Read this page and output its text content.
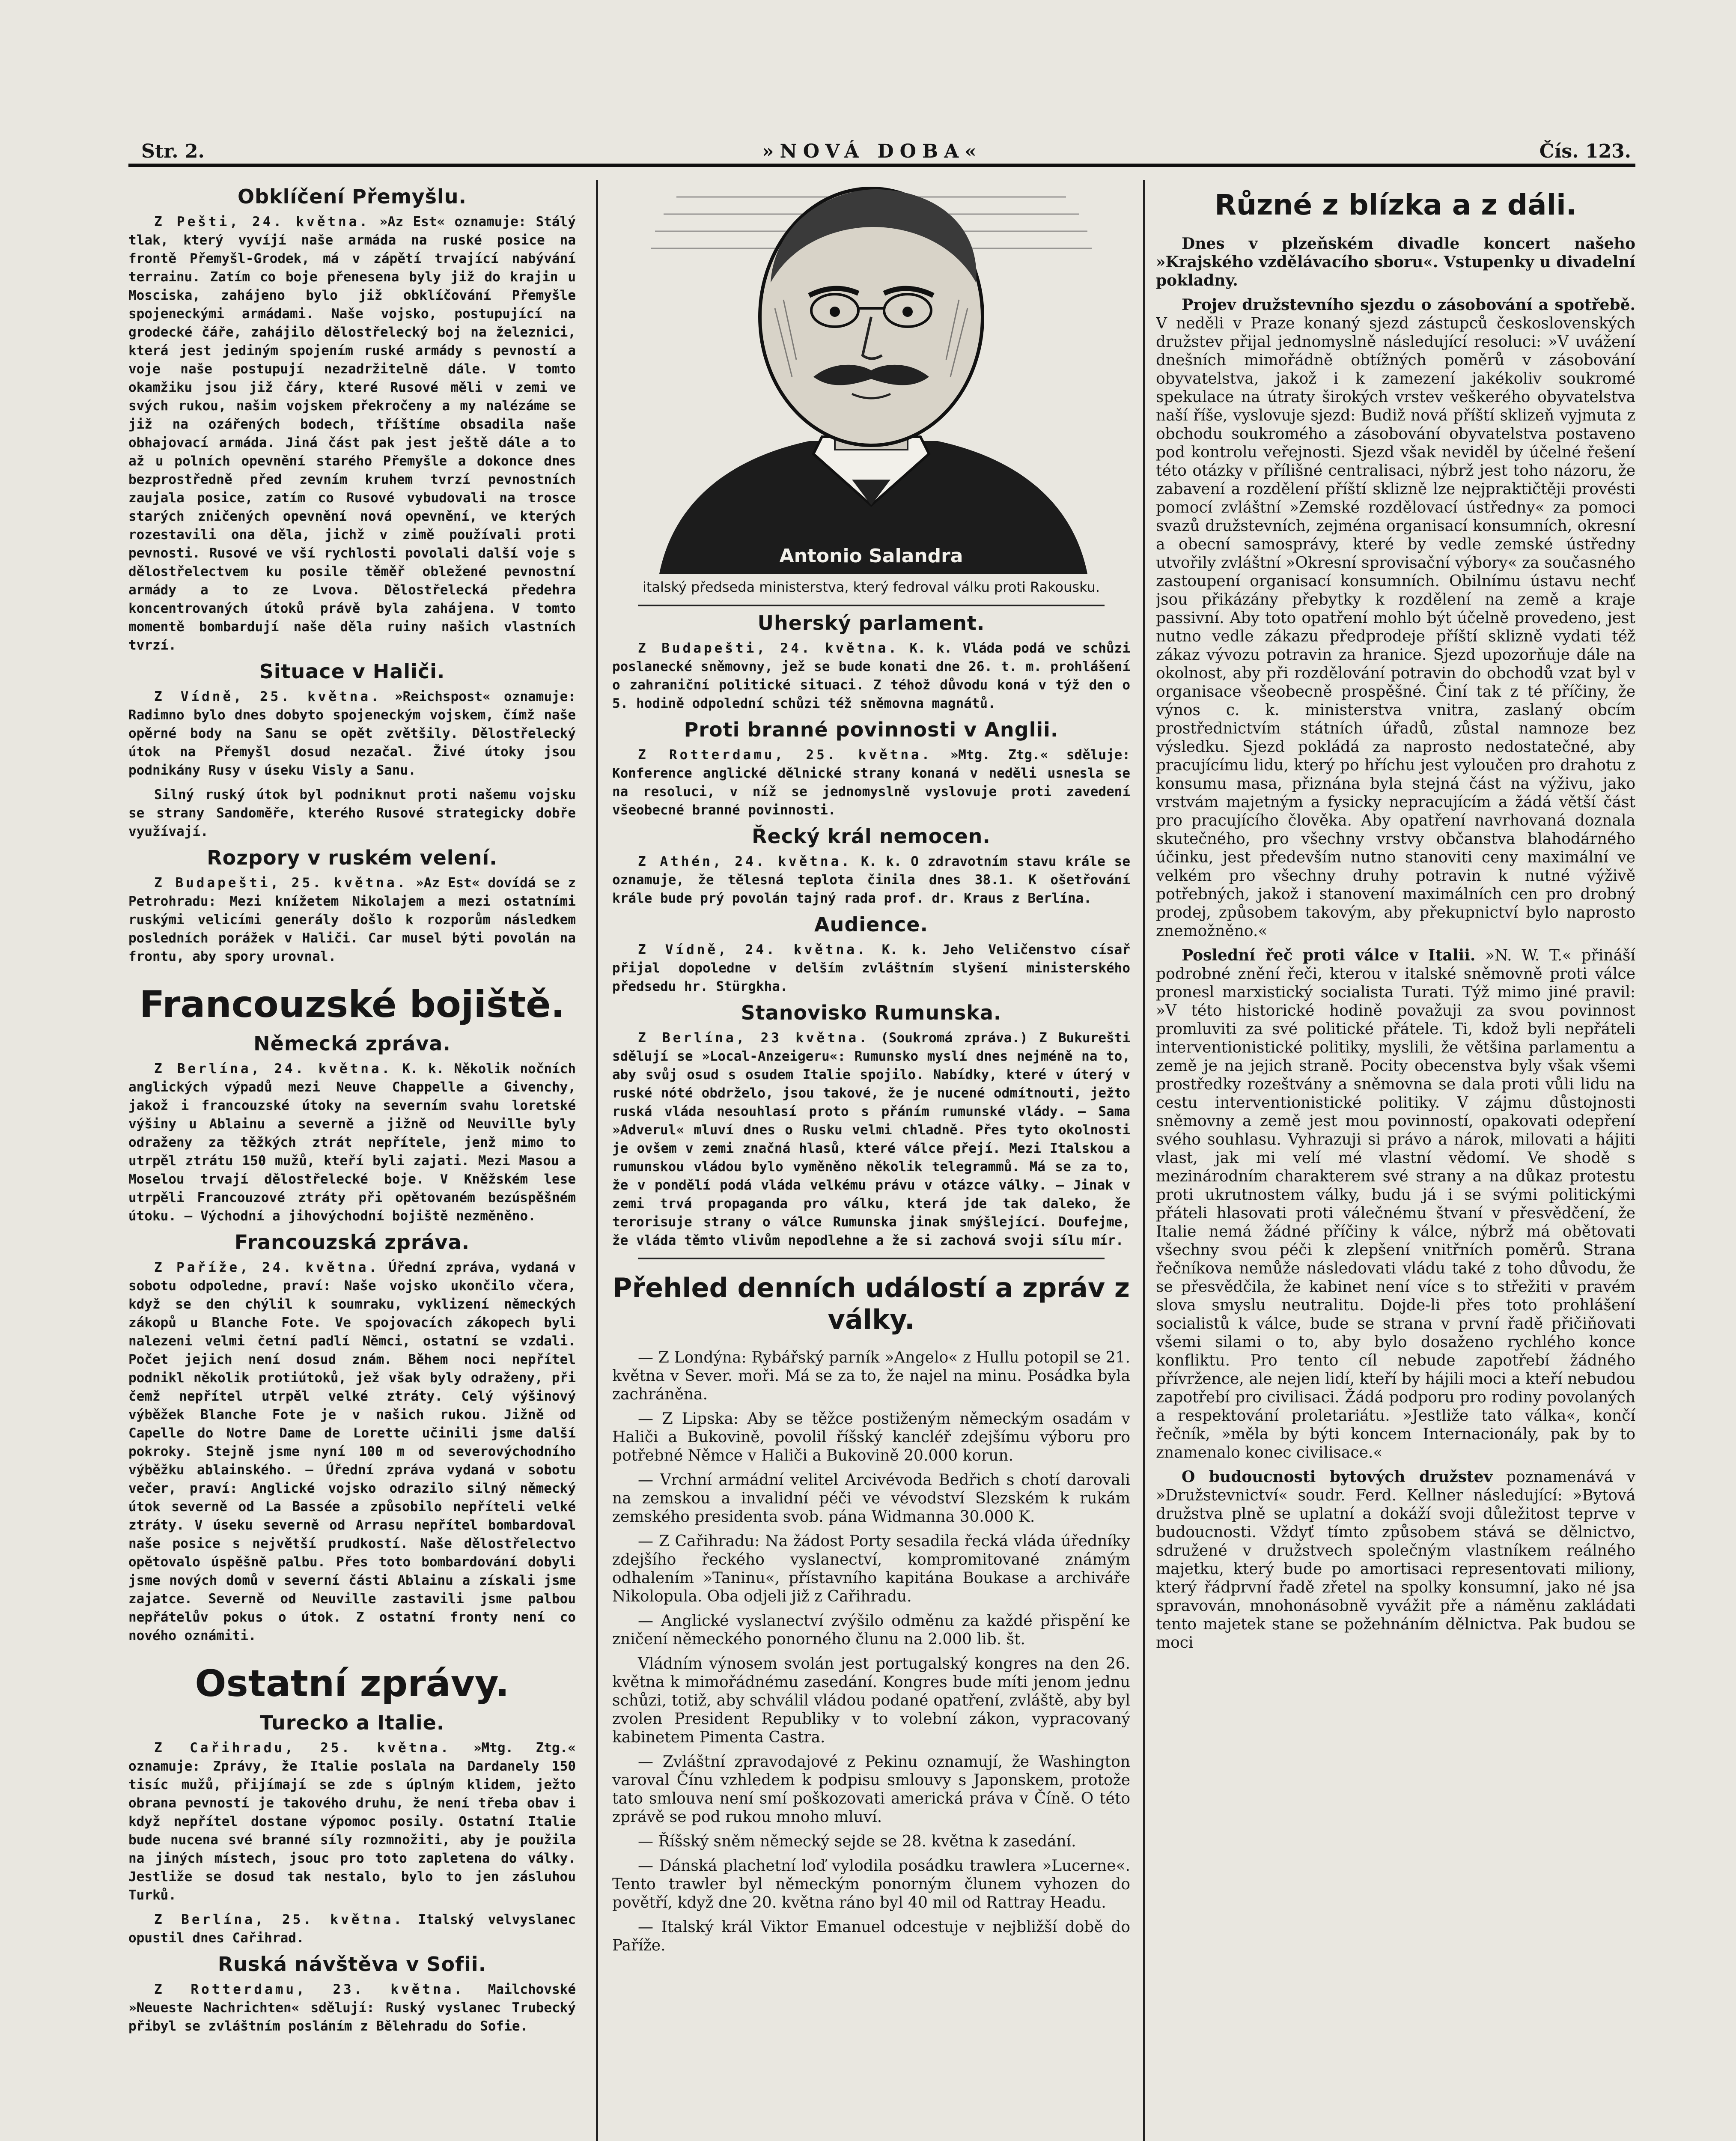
Str. 2.	»NOVÁ DOBA«	Čís. 123.
Obklíčení Přemyšlu.

Z Pešti, 24. května. »Az Est« oznamuje: Stálý tlak, který vyvíjí naše armáda na ruské posice na frontě Přemyšl-Grodek, má v zápětí trvající nabývání terrainu. Zatím co boje přenesena byly již do krajin u Mosciska, zahájeno bylo již obklíčování Přemyšle spojeneckými armádami. Naše vojsko, postupující na grodecké čáře, zahájilo dělostřelecký boj na železnici, která jest jediným spojením ruské armády s pevností a voje naše postupují nezadržitelně dále. V tomto okamžiku jsou již čáry, které Rusové měli v zemi ve svých rukou, našim vojskem překročeny a my nalézáme se již na ozářených bodech, tříštíme obsadila naše obhajovací armáda. Jiná část pak jest ještě dále a to až u polních opevnění starého Přemyšle a dokonce dnes bezprostředně před zevním kruhem tvrzí pevnostních zaujala posice, zatím co Rusové vybudovali na trosce starých zničených opevnění nová opevnění, ve kterých rozestavili ona děla, jichž v zimě používali proti pevnosti. Rusové ve vší rychlosti povolali další voje s dělostřelectvem ku posile těměř obležené pevnostní armády a to ze Lvova. Dělostřelecká předehra koncentrovaných útoků právě byla zahájena. V tomto momentě bombardují naše děla ruiny našich vlastních tvrzí.

Situace v Haliči.

Z Vídně, 25. května. »Reichspost« oznamuje: Radimno bylo dnes dobyto spojeneckým vojskem, čímž naše opěrné body na Sanu se opět zvětšily. Dělostřelecký útok na Přemyšl dosud nezačal. Živé útoky jsou podnikány Rusy v úseku Visly a Sanu.

Silný ruský útok byl podniknut proti našemu vojsku se strany Sandoměře, kterého Rusové strategicky dobře využívají.

Rozpory v ruském velení.

Z Budapešti, 25. května. »Az Est« dovídá se z Petrohradu: Mezi knížetem Nikolajem a mezi ostatními ruskými velicími generály došlo k rozporům následkem posledních porážek v Haliči. Car musel býti povolán na frontu, aby spory urovnal.

Francouzské bojiště.
Německá zpráva.

Z Berlína, 24. května. K. k. Několik nočních anglických výpadů mezi Neuve Chappelle a Givenchy, jakož i francouzské útoky na severním svahu loretské výšiny u Ablainu a severně a jižně od Neuville byly odraženy za těžkých ztrát nepřítele, jenž mimo to utrpěl ztrátu 150 mužů, kteří byli zajati. Mezi Masou a Moselou trvají dělostřelecké boje. V Kněžském lese utrpěli Francouzové ztráty při opětovaném bezúspěšném útoku. — Východní a jihovýchodní bojiště nezměněno.

Francouzská zpráva.

Z Paříže, 24. května. Úřední zpráva, vydaná v sobotu odpoledne, praví: Naše vojsko ukončilo včera, když se den chýlil k soumraku, vyklizení německých zákopů u Blanche Fote. Ve spojovacích zákopech byli nalezeni velmi četní padlí Němci, ostatní se vzdali. Počet jejich není dosud znám. Během noci nepřítel podnikl několik protiútoků, jež však byly odraženy, při čemž nepřítel utrpěl velké ztráty. Celý výšinový výběžek Blanche Fote je v našich rukou. Jižně od Capelle do Notre Dame de Lorette učinili jsme další pokroky. Stejně jsme nyní 100 m od severovýchodního výběžku ablainského. — Úřední zpráva vydaná v sobotu večer, praví: Anglické vojsko odrazilo silný německý útok severně od La Bassée a způsobilo nepříteli velké ztráty. V úseku severně od Arrasu nepřítel bombardoval naše posice s největší prudkostí. Naše dělostřelectvo opětovalo úspěšně palbu. Přes toto bombardování dobyli jsme nových domů v severní části Ablainu a získali jsme zajatce. Severně od Neuville zastavili jsme palbou nepřátelův pokus o útok. Z ostatní fronty není co nového oznámiti.

Ostatní zprávy.
Turecko a Italie.

Z Cařihradu, 25. května. »Mtg. Ztg.« oznamuje: Zprávy, že Italie poslala na Dardanely 150 tisíc mužů, přijímají se zde s úplným klidem, ježto obrana pevností je takového druhu, že není třeba obav i když nepřítel dostane výpomoc posily. Ostatní Italie bude nucena své branné síly rozmnožiti, aby je použila na jiných místech, jsouc pro toto zapletena do války. Jestliže se dosud tak nestalo, bylo to jen zásluhou Turků.

Z Berlína, 25. května. Italský velvyslanec opustil dnes Cařihrad.

Ruská návštěva v Sofii.

Z Rotterdamu, 23. května. Mailchovské »Neueste Nachrichten« sdělují: Ruský vyslanec Trubecký přibyl se zvláštním posláním z Bělehradu do Sofie.

Antonio Salandra
italský předseda ministerstva, který fedroval válku proti Rakousku.
Uherský parlament.

Z Budapešti, 24. května. K. k. Vláda podá ve schůzi poslanecké sněmovny, jež se bude konati dne 26. t. m. prohlášení o zahraniční politické situaci. Z téhož důvodu koná v týž den o 5. hodině odpolední schůzi též sněmovna magnátů.

Proti branné povinnosti v Anglii.

Z Rotterdamu, 25. května. »Mtg. Ztg.« sděluje: Konference anglické dělnické strany konaná v neděli usnesla se na resoluci, v níž se jednomyslně vyslovuje proti zavedení všeobecné branné povinnosti.

Řecký král nemocen.

Z Athén, 24. května. K. k. O zdravotním stavu krále se oznamuje, že tělesná teplota činila dnes 38.1. K ošetřování krále bude prý povolán tajný rada prof. dr. Kraus z Berlína.

Audience.

Z Vídně, 24. května. K. k. Jeho Veličenstvo císař přijal dopoledne v delším zvláštním slyšení ministerského předsedu hr. Stürgkha.

Stanovisko Rumunska.

Z Berlína, 23 května. (Soukromá zpráva.) Z Bukurešti sdělují se »Local-Anzeigeru«: Rumunsko myslí dnes nejméně na to, aby svůj osud s osudem Italie spojilo. Nabídky, které v úterý v ruské nóté obdrželo, jsou takové, že je nucené odmítnouti, ježto ruská vláda nesouhlasí proto s přáním rumunské vlády. — Sama »Adverul« mluví dnes o Rusku velmi chladně. Přes tyto okolnosti je ovšem v zemi značná hlasů, které válce přejí. Mezi Italskou a rumunskou vládou bylo vyměněno několik telegrammů. Má se za to, že v pondělí podá vláda velkému právu v otázce války. — Jinak v zemi trvá propaganda pro válku, která jde tak daleko, že terorisuje strany o válce Rumunska jinak smýšlející. Doufejme, že vláda těmto vlivům nepodlehne a že si zachová svoji sílu mír.

Přehled denních událostí a zpráv z války.

— Z Londýna: Rybářský parník »Angelo« z Hullu potopil se 21. května v Sever. moři. Má se za to, že najel na minu. Posádka byla zachráněna.

— Z Lipska: Aby se těžce postiženým německým osadám v Haliči a Bukovině, povolil říšský kancléř zdejšímu výboru pro potřebné Němce v Haliči a Bukovině 20.000 korun.

— Vrchní armádní velitel Arcivévoda Bedřich s chotí darovali na zemskou a invalidní péči ve vévodství Slezském k rukám zemského presidenta svob. pána Widmanna 30.000 K.

— Z Cařihradu: Na žádost Porty sesadila řecká vláda úředníky zdejšího řeckého vyslanectví, kompromitované známým odhalením »Taninu«, přístavního kapitána Boukase a archiváře Nikolopula. Oba odjeli již z Cařihradu.

— Anglické vyslanectví zvýšilo odměnu za každé přispění ke zničení německého ponorného člunu na 2.000 lib. št.

Vládním výnosem svolán jest portugalský kongres na den 26. května k mimořádnému zasedání. Kongres bude míti jenom jednu schůzi, totiž, aby schválil vládou podané opatření, zvláště, aby byl zvolen President Republiky v to volební zákon, vypracovaný kabinetem Pimenta Castra.

— Zvláštní zpravodajové z Pekinu oznamují, že Washington varoval Čínu vzhledem k podpisu smlouvy s Japonskem, protože tato smlouva není smí poškozovati americká práva v Číně. O této zprávě se pod rukou mnoho mluví.

— Říšský sněm německý sejde se 28. května k zasedání.

— Dánská plachetní loď vylodila posádku trawlera »Lucerne«. Tento trawler byl německým ponorným člunem vyhozen do povětří, když dne 20. května ráno byl 40 mil od Rattray Headu.

— Italský král Viktor Emanuel odcestuje v nejbližší době do Paříže.

Různé z blízka a z dáli.

Dnes v plzeňském divadle koncert našeho »Krajského vzdělávacího sboru«. Vstupenky u divadelní pokladny.

Projev družstevního sjezdu o zásobování a spotřebě. V neděli v Praze konaný sjezd zástupců československých družstev přijal jednomyslně následující resoluci: »V uvážení dnešních mimořádně obtížných poměrů v zásobování obyvatelstva, jakož i k zamezení jakékoliv soukromé spekulace na útraty širokých vrstev veškerého obyvatelstva naší říše, vyslovuje sjezd: Budiž nová příští sklizeň vyjmuta z obchodu soukromého a zásobování obyvatelstva postaveno pod kontrolu veřejnosti. Sjezd však neviděl by účelné řešení této otázky v přílišné centralisaci, nýbrž jest toho názoru, že zabavení a rozdělení příští sklizně lze nejpraktičtěji provésti pomocí zvláštní »Zemské rozdělovací ústředny« za pomoci svazů družstevních, zejména organisací konsumních, okresní a obecní samosprávy, které by vedle zemské ústředny utvořily zvláštní »Okresní sprovisační výbory« za současného zastoupení organisací konsumních. Obilnímu ústavu nechť jsou přikázány přebytky k rozdělení na země a kraje passivní. Aby toto opatření mohlo být účelně provedeno, jest nutno vedle zákazu předprodeje příští sklizně vydati též zákaz vývozu potravin za hranice. Sjezd upozorňuje dále na okolnost, aby při rozdělování potravin do obchodů vzat byl v organisace všeobecně prospěšné. Činí tak z té příčiny, že výnos c. k. ministerstva vnitra, zaslaný obcím prostřednictvím státních úřadů, zůstal namnoze bez výsledku. Sjezd pokládá za naprosto nedostatečné, aby pracujícímu lidu, který po hříchu jest vyloučen pro drahotu z konsumu masa, přiznána byla stejná část na výživu, jako vrstvám majetným a fysicky nepracujícím a žádá větší část pro pracujícího člověka. Aby opatření navrhovaná doznala skutečného, pro všechny vrstvy občanstva blahodárného účinku, jest především nutno stanoviti ceny maximální ve velkém pro všechny druhy potravin k nutné výživě potřebných, jakož i stanovení maximálních cen pro drobný prodej, způsobem takovým, aby překupnictví bylo naprosto znemožněno.«

Poslední řeč proti válce v Italii. »N. W. T.« přináší podrobné znění řeči, kterou v italské sněmovně proti válce pronesl marxistický socialista Turati. Týž mimo jiné pravil: »V této historické hodině považuji za svou povinnost promluviti za své politické přátele. Ti, kdož byli nepřáteli interventionistické politiky, myslili, že většina parlamentu a země je na jejich straně. Pocity obecenstva byly však všemi prostředky rozeštvány a sněmovna se dala proti vůli lidu na cestu interventionistické politiky. V zájmu důstojnosti sněmovny a země jest mou povinností, opakovati odepření svého souhlasu. Vyhrazuji si právo a nárok, milovati a hájiti vlast, jak mi velí mé vlastní vědomí. Ve shodě s mezinárodním charakterem své strany a na důkaz protestu proti ukrutnostem války, budu já i se svými politickými přáteli hlasovati proti válečnému štvaní v přesvědčení, že Italie nemá žádné příčiny k válce, nýbrž má obětovati všechny svou péči k zlepšení vnitřních poměrů. Strana řečníkova nemůže následovati vládu také z toho důvodu, že se přesvědčila, že kabinet není více s to střežiti v pravém slova smyslu neutralitu. Dojde-li přes toto prohlášení socialistů k válce, bude se strana v první řadě přičiňovati všemi silami o to, aby bylo dosaženo rychlého konce konfliktu. Pro tento cíl nebude zapotřebí žádného přívržence, ale nejen lidí, kteří by hájili moci a kteří nebudou zapotřebí pro civilisaci. Žádá podporu pro rodiny povolaných a respektování proletariátu. »Jestliže tato válka«, končí řečník, »měla by býti koncem Internacionály, pak by to znamenalo konec civilisace.«

O budoucnosti bytových družstev poznamenává v »Družstevnictví« soudr. Ferd. Kellner následující: »Bytová družstva plně se uplatní a dokáží svoji důležitost teprve v budoucnosti. Vždyť tímto způsobem stává se dělnictvo, sdružené v družstvech společným vlastníkem reálného majetku, který bude po amortisaci representovati miliony, který řádprvní řadě zřetel na spolky konsumní, jako né jsa spravován, mnohonásobně vyvážit pře a náměnu zakládati tento majetek stane se požehnáním dělnictva. Pak budou se moci
